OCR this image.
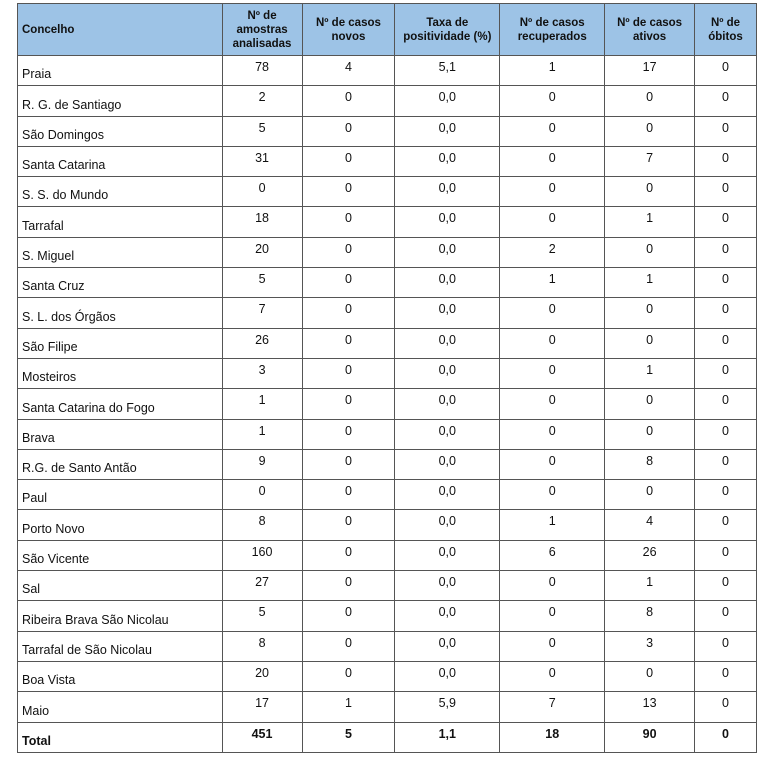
Concelho	Nº de amostras analisadas	Nº de casos novos	Taxa de positividade (%)	Nº de casos recuperados	Nº de casos ativos	Nº de óbitos
Praia	78	4	5,1	1	17	0
R. G. de Santiago	2	0	0,0	0	0	0
São Domingos	5	0	0,0	0	0	0
Santa Catarina	31	0	0,0	0	7	0
S. S. do Mundo	0	0	0,0	0	0	0
Tarrafal	18	0	0,0	0	1	0
S. Miguel	20	0	0,0	2	0	0
Santa Cruz	5	0	0,0	1	1	0
S. L. dos Órgãos	7	0	0,0	0	0	0
São Filipe	26	0	0,0	0	0	0
Mosteiros	3	0	0,0	0	1	0
Santa Catarina do Fogo	1	0	0,0	0	0	0
Brava	1	0	0,0	0	0	0
R.G. de Santo Antão	9	0	0,0	0	8	0
Paul	0	0	0,0	0	0	0
Porto Novo	8	0	0,0	1	4	0
São Vicente	160	0	0,0	6	26	0
Sal	27	0	0,0	0	1	0
Ribeira Brava São Nicolau	5	0	0,0	0	8	0
Tarrafal de São Nicolau	8	0	0,0	0	3	0
Boa Vista	20	0	0,0	0	0	0
Maio	17	1	5,9	7	13	0
Total	451	5	1,1	18	90	0
